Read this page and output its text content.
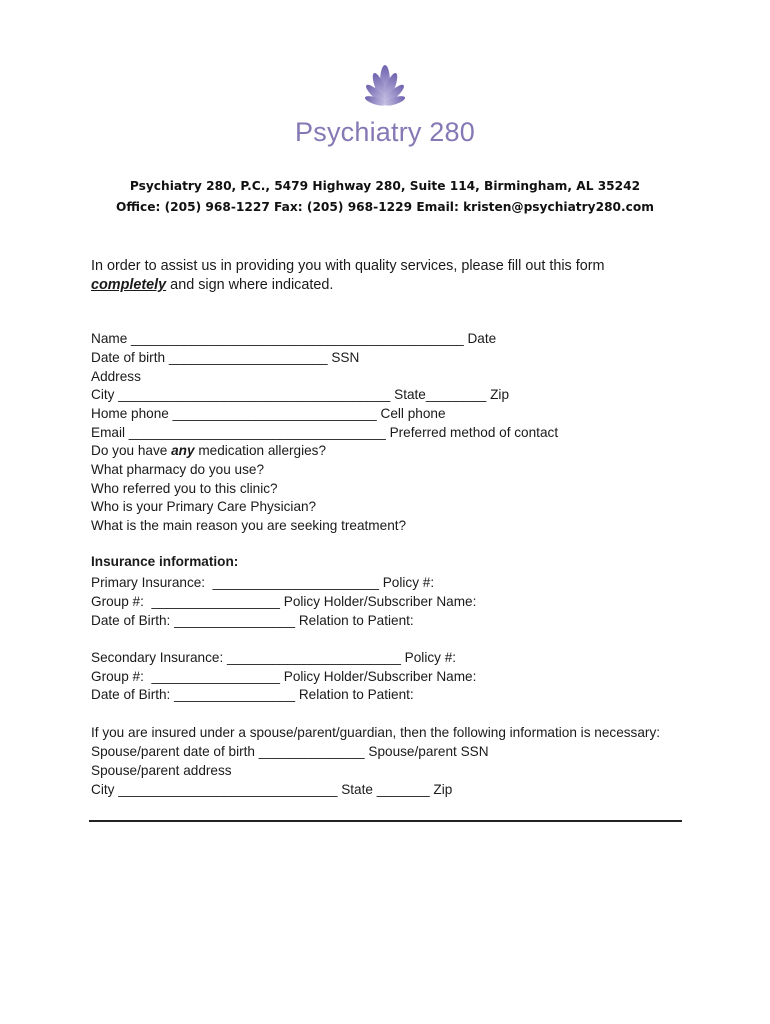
Psychiatry 280
Psychiatry 280, P.C., 5479 Highway 280, Suite 114, Birmingham, AL 35242
Office: (205) 968-1227 Fax: (205) 968-1229 Email: kristen@psychiatry280.com
In order to assist us in providing you with quality services, please fill out this form
completely and sign where indicated.
Name ____________________________________________ Date
Date of birth _____________________ SSN
Address
City ____________________________________ State________ Zip
Home phone ___________________________ Cell phone
Email __________________________________ Preferred method of contact
Do you have any medication allergies?
What pharmacy do you use?
Who referred you to this clinic?
Who is your Primary Care Physician?
What is the main reason you are seeking treatment?
Insurance information:
Primary Insurance:  ______________________ Policy #:
Group #:  _________________ Policy Holder/Subscriber Name:
Date of Birth: ________________ Relation to Patient:
Secondary Insurance: _______________________ Policy #:
Group #:  _________________ Policy Holder/Subscriber Name:
Date of Birth: ________________ Relation to Patient:
If you are insured under a spouse/parent/guardian, then the following information is necessary:
Spouse/parent date of birth ______________ Spouse/parent SSN
Spouse/parent address
City _____________________________ State _______ Zip
